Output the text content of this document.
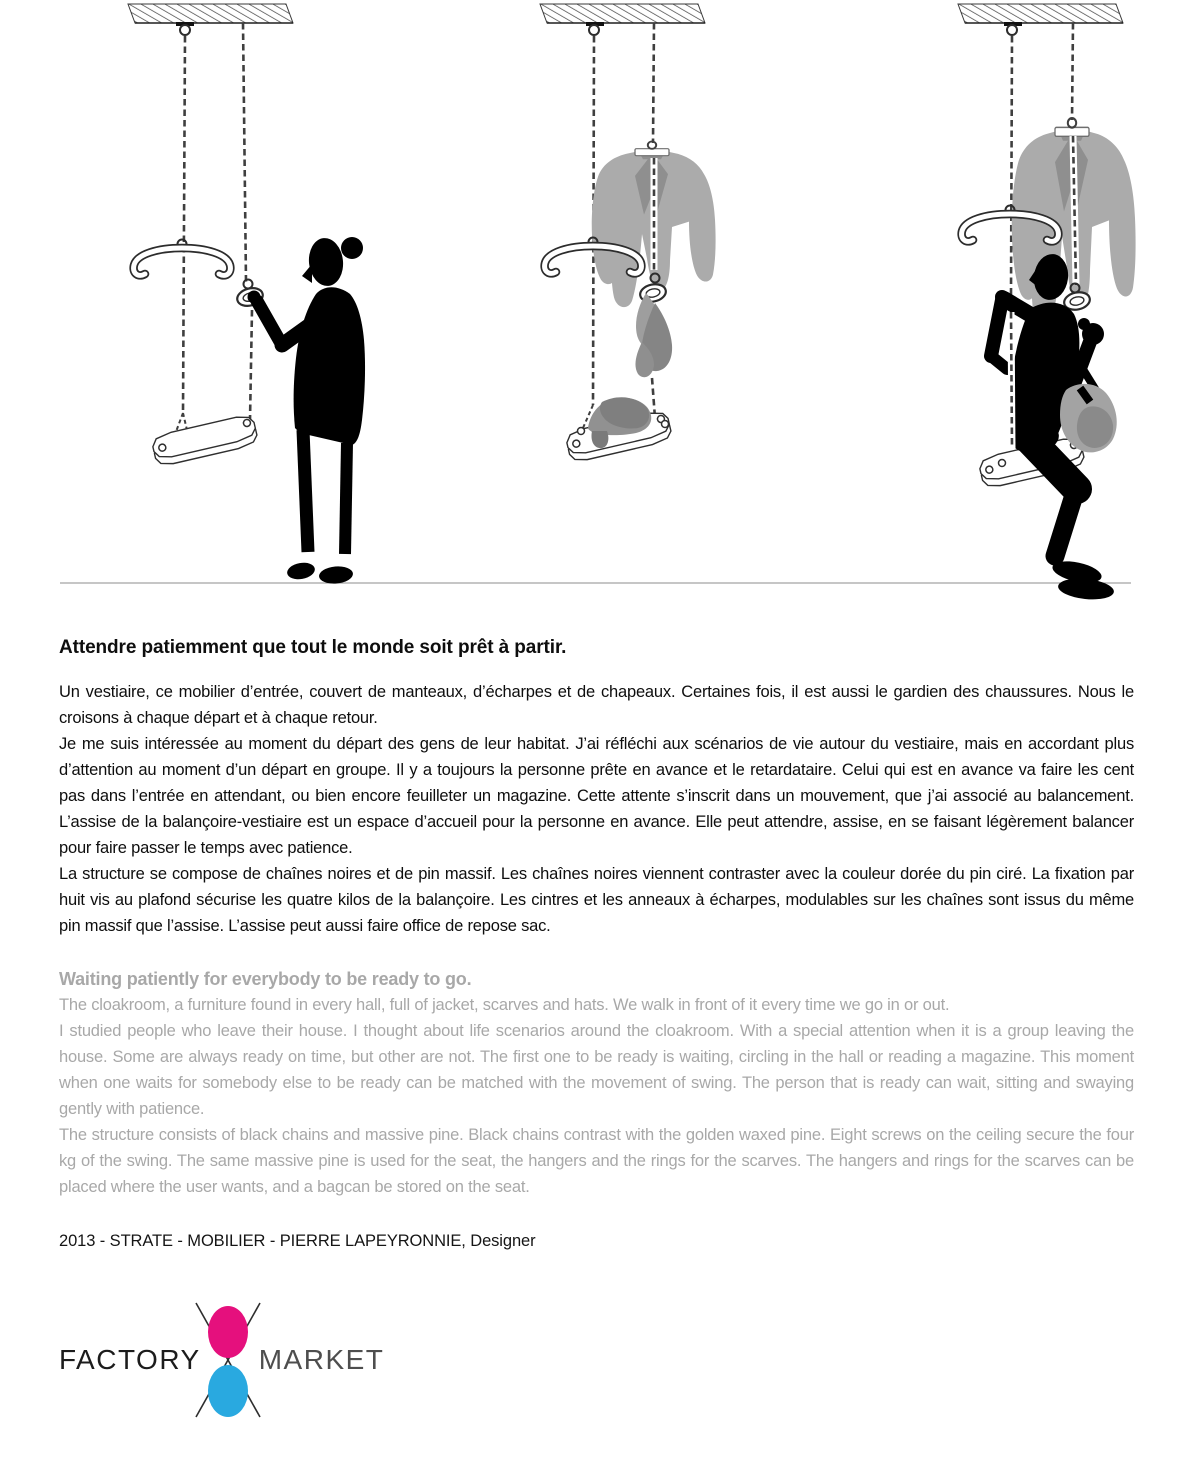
Attendre patiemment que tout le monde soit prêt à partir.

Un vestiaire, ce mobilier d’entrée, couvert de manteaux, d’écharpes et de chapeaux. Certaines fois, il est aussi le gardien des chaussures. Nous le croisons à chaque départ et à chaque retour.

Je me suis intéressée au moment du départ des gens de leur habitat. J’ai réfléchi aux scénarios de vie autour du vestiaire, mais en accordant plus d’attention au moment d’un départ en groupe. Il y a toujours la personne prête en avance et le retardataire. Celui qui est en avance va faire les cent pas dans l’entrée en attendant, ou bien encore feuilleter un magazine. Cette attente s’inscrit dans un mouvement, que j’ai associé au balancement. L’assise de la balançoire-vestiaire est un espace d’accueil pour la personne en avance. Elle peut attendre, assise, en se faisant légèrement balancer pour faire passer le temps avec patience.

La structure se compose de chaînes noires et de pin massif. Les chaînes noires viennent contraster avec la couleur dorée du pin ciré. La fixation par huit vis au plafond sécurise les quatre kilos de la balançoire. Les cintres et les anneaux à écharpes, modulables sur les chaînes sont issus du même pin massif que l’assise. L’assise peut aussi faire office de repose sac.

Waiting patiently for everybody to be ready to go.

The cloakroom, a furniture found in every hall, full of jacket, scarves and hats. We walk in front of it every time we go in or out.

I studied people who leave their house. I thought about life scenarios around the cloakroom. With a special attention when it is a group leaving the house. Some are always ready on time, but other are not. The first one to be ready is waiting, circling in the hall or reading a magazine. This moment when one waits for somebody else to be ready can be matched with the movement of swing. The person that is ready can wait, sitting and swaying gently with patience.

The structure consists of black chains and massive pine. Black chains contrast with the golden waxed pine. Eight screws on the ceiling secure the four kg of the swing. The same massive pine is used for the seat, the hangers and the rings for the scarves. The hangers and rings for the scarves can be placed where the user wants, and a bagcan be stored on the seat.

2013 - STRATE - MOBILIER - PIERRE LAPEYRONNIE, Designer
FACTORY MARKET
